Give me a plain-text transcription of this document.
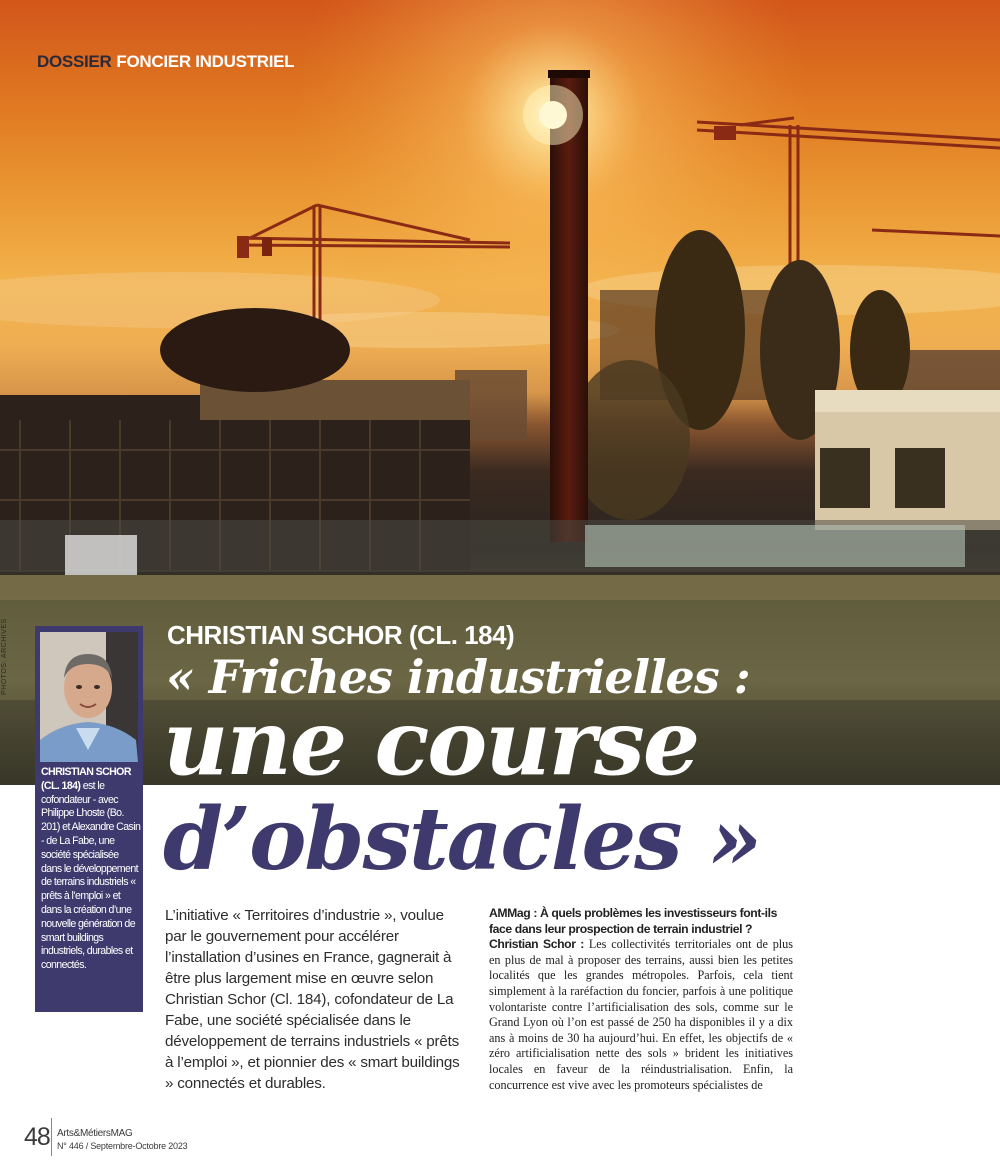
DOSSIER FONCIER INDUSTRIEL
PHOTOS: ARCHIVES
CHRISTIAN SCHOR (CL. 184) est le cofondateur - avec Philippe Lhoste (Bo. 201) et Alexandre Casin - de La Fabe, une société spécialisée dans le développement de terrains industriels « prêts à l’emploi » et dans la création d’une nouvelle génération de smart buildings industriels, durables et connectés.
CHRISTIAN SCHOR (CL. 184)
« Friches industrielles :
une course
d’obstacles »
L’initiative « Territoires d’industrie », voulue par le gouvernement pour accélérer l’installation d’usines en France, gagnerait à être plus largement mise en œuvre selon Christian Schor (Cl. 184), cofondateur de La Fabe, une société spécialisée dans le développement de terrains industriels « prêts à l’emploi », et pionnier des « smart buildings » connectés et durables.
AMMag : À quels problèmes les investisseurs font-ils face dans leur prospection de terrain industriel ?
Christian Schor : Les collectivités territoriales ont de plus en plus de mal à proposer des terrains, aussi bien les petites localités que les grandes métropoles. Parfois, cela tient simplement à la raréfaction du foncier, parfois à une politique volontariste contre l’artificialisation des sols, comme sur le Grand Lyon où l’on est passé de 250 ha disponibles il y a dix ans à moins de 30 ha aujourd’hui. En effet, les objectifs de « zéro artificialisation nette des sols » brident les initiatives locales en faveur de la réindustrialisation. Enfin, la concurrence est vive avec les promoteurs spécialistes de
48 Arts&MétiersMAG
N° 446 / Septembre-Octobre 2023
